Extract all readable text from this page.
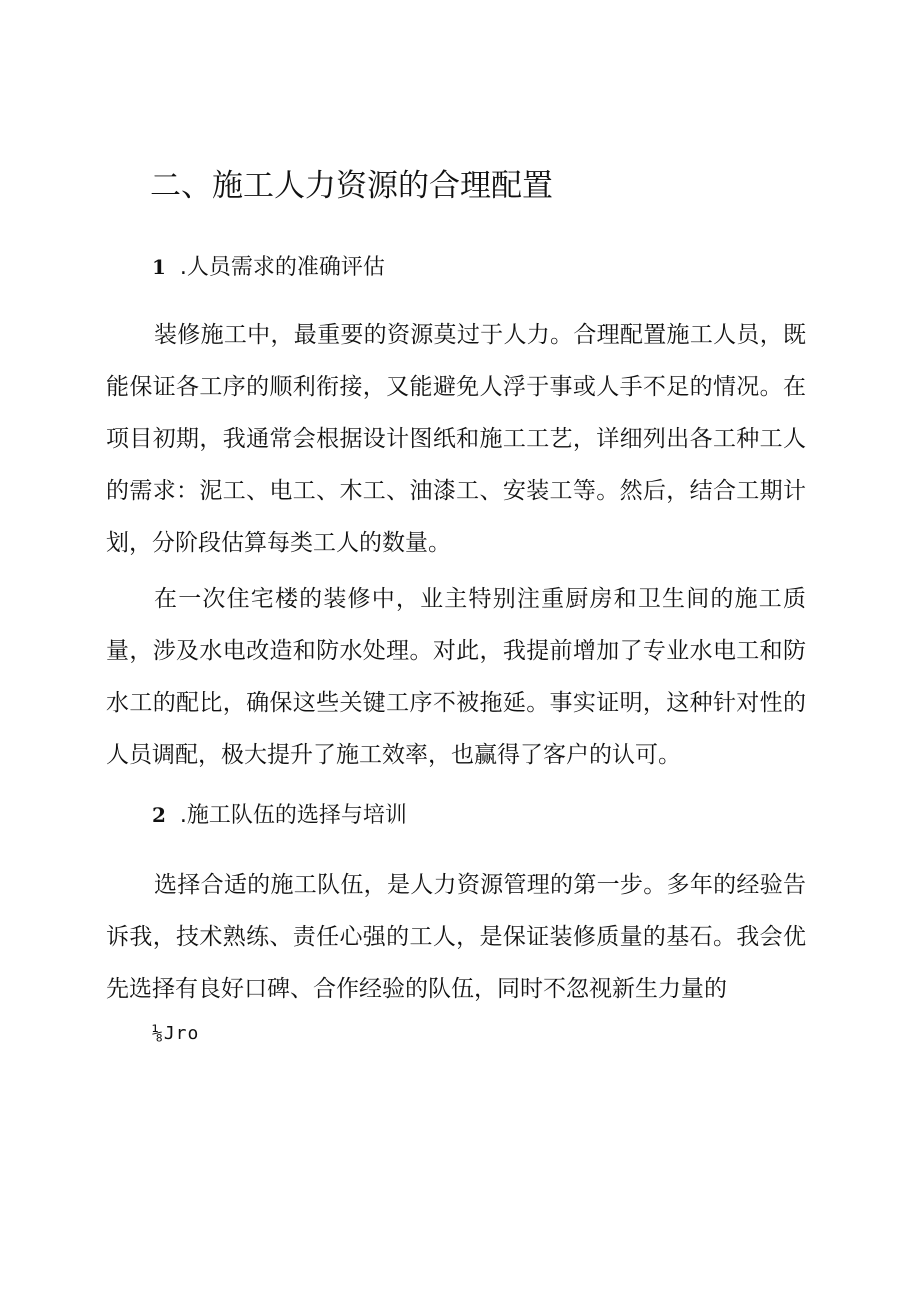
二、施工人力资源的合理配置
1 .人员需求的准确评估
装修施工中，最重要的资源莫过于人力。合理配置施工人员，既
能保证各工序的顺利衔接，又能避免人浮于事或人手不足的情况。在
项目初期，我通常会根据设计图纸和施工工艺，详细列出各工种工人
的需求：泥工、电工、木工、油漆工、安装工等。然后，结合工期计
划，分阶段估算每类工人的数量。
在一次住宅楼的装修中，业主特别注重厨房和卫生间的施工质
量，涉及水电改造和防水处理。对此，我提前增加了专业水电工和防
水工的配比，确保这些关键工序不被拖延。事实证明，这种针对性的
人员调配，极大提升了施工效率，也赢得了客户的认可。
2 .施工队伍的选择与培训
选择合适的施工队伍，是人力资源管理的第一步。多年的经验告
诉我，技术熟练、责任心强的工人，是保证装修质量的基石。我会优
先选择有良好口碑、合作经验的队伍，同时不忽视新生力量的
⅛Jro
